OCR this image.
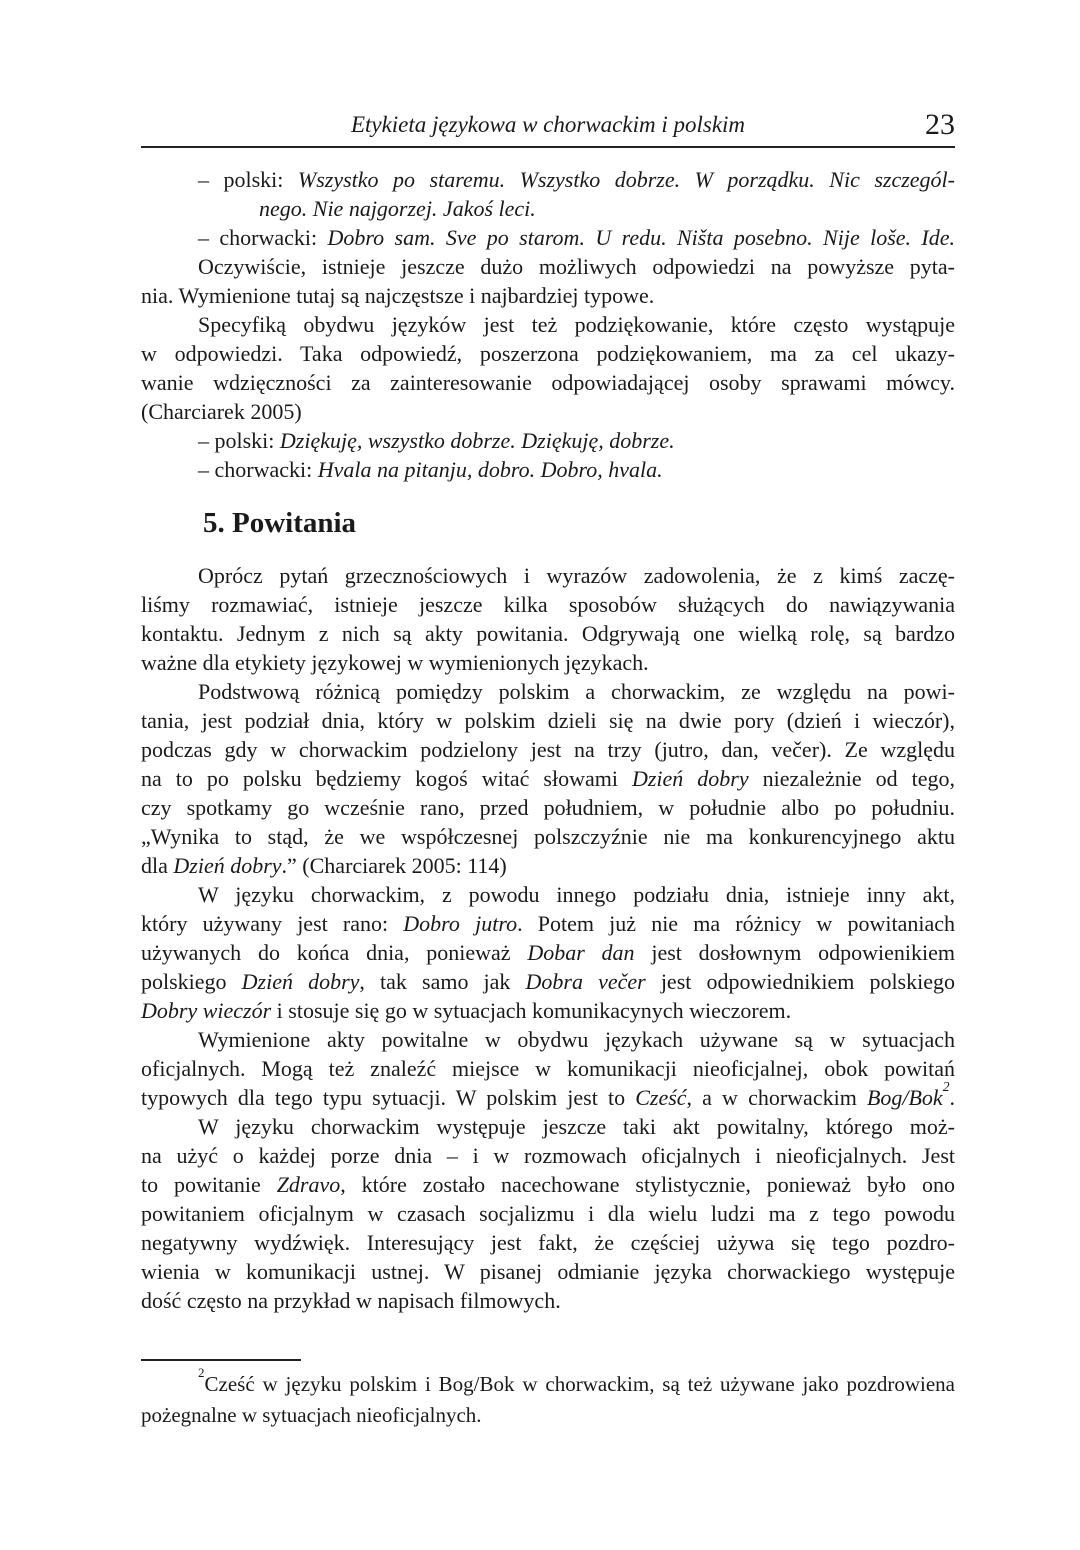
Etykieta językowa w chorwackim i polskim	23
– polski: Wszystko po staremu. Wszystko dobrze. W porządku. Nic szczegól-
nego. Nie najgorzej. Jakoś leci.
– chorwacki: Dobro sam. Sve po starom. U redu. Ništa posebno. Nije loše. Ide.
Oczywiście, istnieje jeszcze dużo możliwych odpowiedzi na powyższe pyta-
nia. Wymienione tutaj są najczęstsze i najbardziej typowe.
Specyfiką obydwu języków jest też podziękowanie, które często wystąpuje
w odpowiedzi. Taka odpowiedź, poszerzona podziękowaniem, ma za cel ukazy-
wanie wdzięczności za zainteresowanie odpowiadającej osoby sprawami mówcy.
(Charciarek 2005)
– polski: Dziękuję, wszystko dobrze. Dziękuję, dobrze.
– chorwacki: Hvala na pitanju, dobro. Dobro, hvala.
5. Powitania
Oprócz pytań grzecznościowych i wyrazów zadowolenia, że z kimś zaczę-
liśmy rozmawiać, istnieje jeszcze kilka sposobów służących do nawiązywania
kontaktu. Jednym z nich są akty powitania. Odgrywają one wielką rolę, są bardzo
ważne dla etykiety językowej w wymienionych językach.
Podstwową różnicą pomiędzy polskim a chorwackim, ze względu na powi-
tania, jest podział dnia, który w polskim dzieli się na dwie pory (dzień i wieczór),
podczas gdy w chorwackim podzielony jest na trzy (jutro, dan, večer). Ze względu
na to po polsku będziemy kogoś witać słowami Dzień dobry niezależnie od tego,
czy spotkamy go wcześnie rano, przed południem, w południe albo po południu.
„Wynika to stąd, że we współczesnej polszczyźnie nie ma konkurencyjnego aktu
dla Dzień dobry.” (Charciarek 2005: 114)
W języku chorwackim, z powodu innego podziału dnia, istnieje inny akt,
który używany jest rano: Dobro jutro. Potem już nie ma różnicy w powitaniach
używanych do końca dnia, ponieważ Dobar dan jest dosłownym odpowienikiem
polskiego Dzień dobry, tak samo jak Dobra večer jest odpowiednikiem polskiego
Dobry wieczór i stosuje się go w sytuacjach komunikacynych wieczorem.
Wymienione akty powitalne w obydwu językach używane są w sytuacjach
oficjalnych. Mogą też znaleźć miejsce w komunikacji nieoficjalnej, obok powitań
typowych dla tego typu sytuacji. W polskim jest to Cześć, a w chorwackim Bog/Bok$^2$.
W języku chorwackim występuje jeszcze taki akt powitalny, którego moż-
na użyć o każdej porze dnia – i w rozmowach oficjalnych i nieoficjalnych. Jest
to powitanie Zdravo, które zostało nacechowane stylistycznie, ponieważ było ono
powitaniem oficjalnym w czasach socjalizmu i dla wielu ludzi ma z tego powodu
negatywny wydźwięk. Interesujący jest fakt, że częściej używa się tego pozdro-
wienia w komunikacji ustnej. W pisanej odmianie języka chorwackiego występuje
dość często na przykład w napisach filmowych.
$^2$Cześć w języku polskim i Bog/Bok w chorwackim, są też używane jako pozdrowiena
pożegnalne w sytuacjach nieoficjalnych.
